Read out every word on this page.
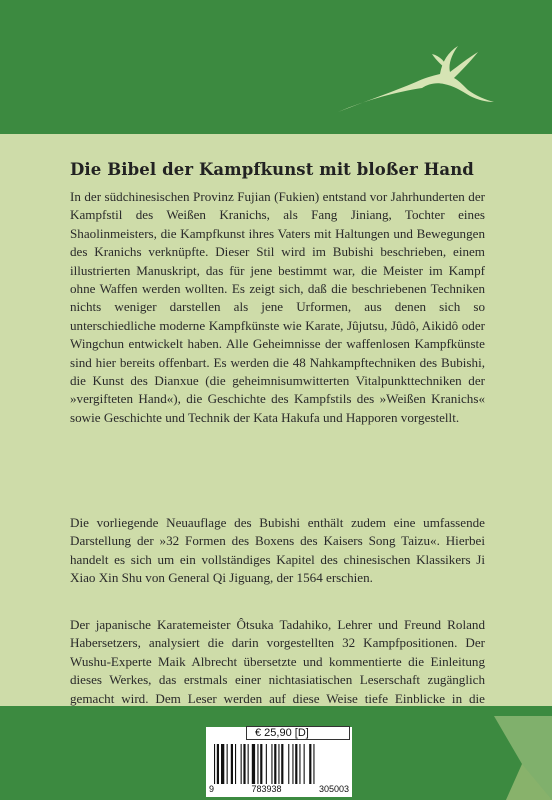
Die Bibel der Kampfkunst mit bloßer Hand

In der südchinesischen Provinz Fujian (Fukien) entstand vor Jahrhunderten der Kampfstil des Weißen Kranichs, als Fang Jiniang, Tochter eines Shaolinmeisters, die Kampfkunst ihres Vaters mit Haltungen und Bewegungen des Kranichs verknüpfte. Dieser Stil wird im Bubishi beschrieben, einem illustrierten Manuskript, das für jene bestimmt war, die Meister im Kampf ohne Waffen werden wollten. Es zeigt sich, daß die beschriebenen Techniken nichts weniger darstellen als jene Urformen, aus denen sich so unterschiedliche moderne Kampfkünste wie Karate, Jûjutsu, Jûdô, Aikidô oder Wingchun entwickelt haben. Alle Geheimnisse der waffenlosen Kampfkünste sind hier bereits offenbart. Es werden die 48 Nahkampftechniken des Bubishi, die Kunst des Dianxue (die geheimnisumwitterten Vitalpunkttechniken der »vergifteten Hand«), die Geschichte des Kampfstils des »Weißen Kranichs« sowie Geschichte und Technik der Kata Hakufa und Happoren vorgestellt.

Die vorliegende Neuauflage des Bubishi enthält zudem eine umfassende Darstellung der »32 Formen des Boxens des Kaisers Song Taizu«. Hierbei handelt es sich um ein vollständiges Kapitel des chinesischen Klassikers Ji Xiao Xin Shu von General Qi Jiguang, der 1564 erschien.

Der japanische Karatemeister Ôtsuka Tadahiko, Lehrer und Freund Roland Habersetzers, analysiert die darin vorgestellten 32 Kampfpositionen. Der Wushu-Experte Maik Albrecht übersetzte und kommentierte die Einleitung dieses Werkes, das erstmals einer nichtasiatischen Leserschaft zugänglich gemacht wird. Dem Leser werden auf diese Weise tiefe Einblicke in die

€ 25,90 [D]
9	783938	305003
